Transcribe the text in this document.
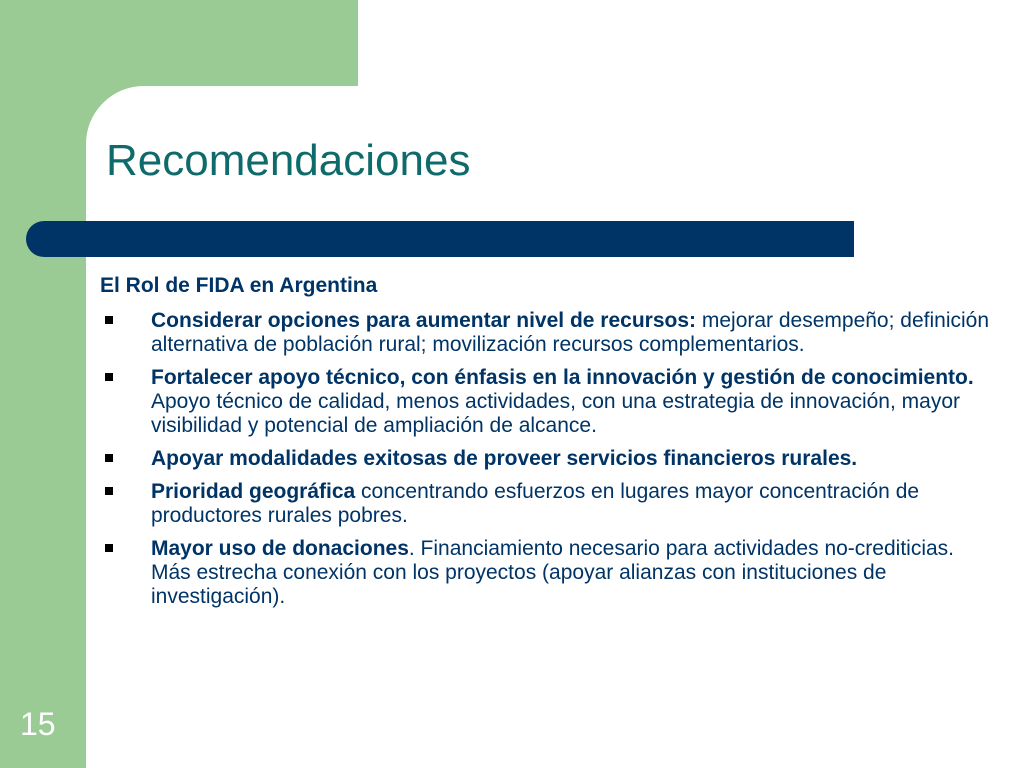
Recomendaciones
El Rol de FIDA en Argentina
Considerar opciones para aumentar nivel de recursos: mejorar desempeño; definición alternativa de población rural; movilización recursos complementarios.
Fortalecer apoyo técnico, con énfasis en la innovación y gestión de conocimiento. Apoyo técnico de calidad, menos actividades, con una estrategia de innovación, mayor visibilidad y potencial de ampliación de alcance.
Apoyar modalidades exitosas de proveer servicios financieros rurales.
Prioridad geográfica concentrando esfuerzos en lugares mayor concentración de productores rurales pobres.
Mayor uso de donaciones. Financiamiento necesario para actividades no-crediticias. Más estrecha conexión con los proyectos (apoyar alianzas con instituciones de investigación).
15
